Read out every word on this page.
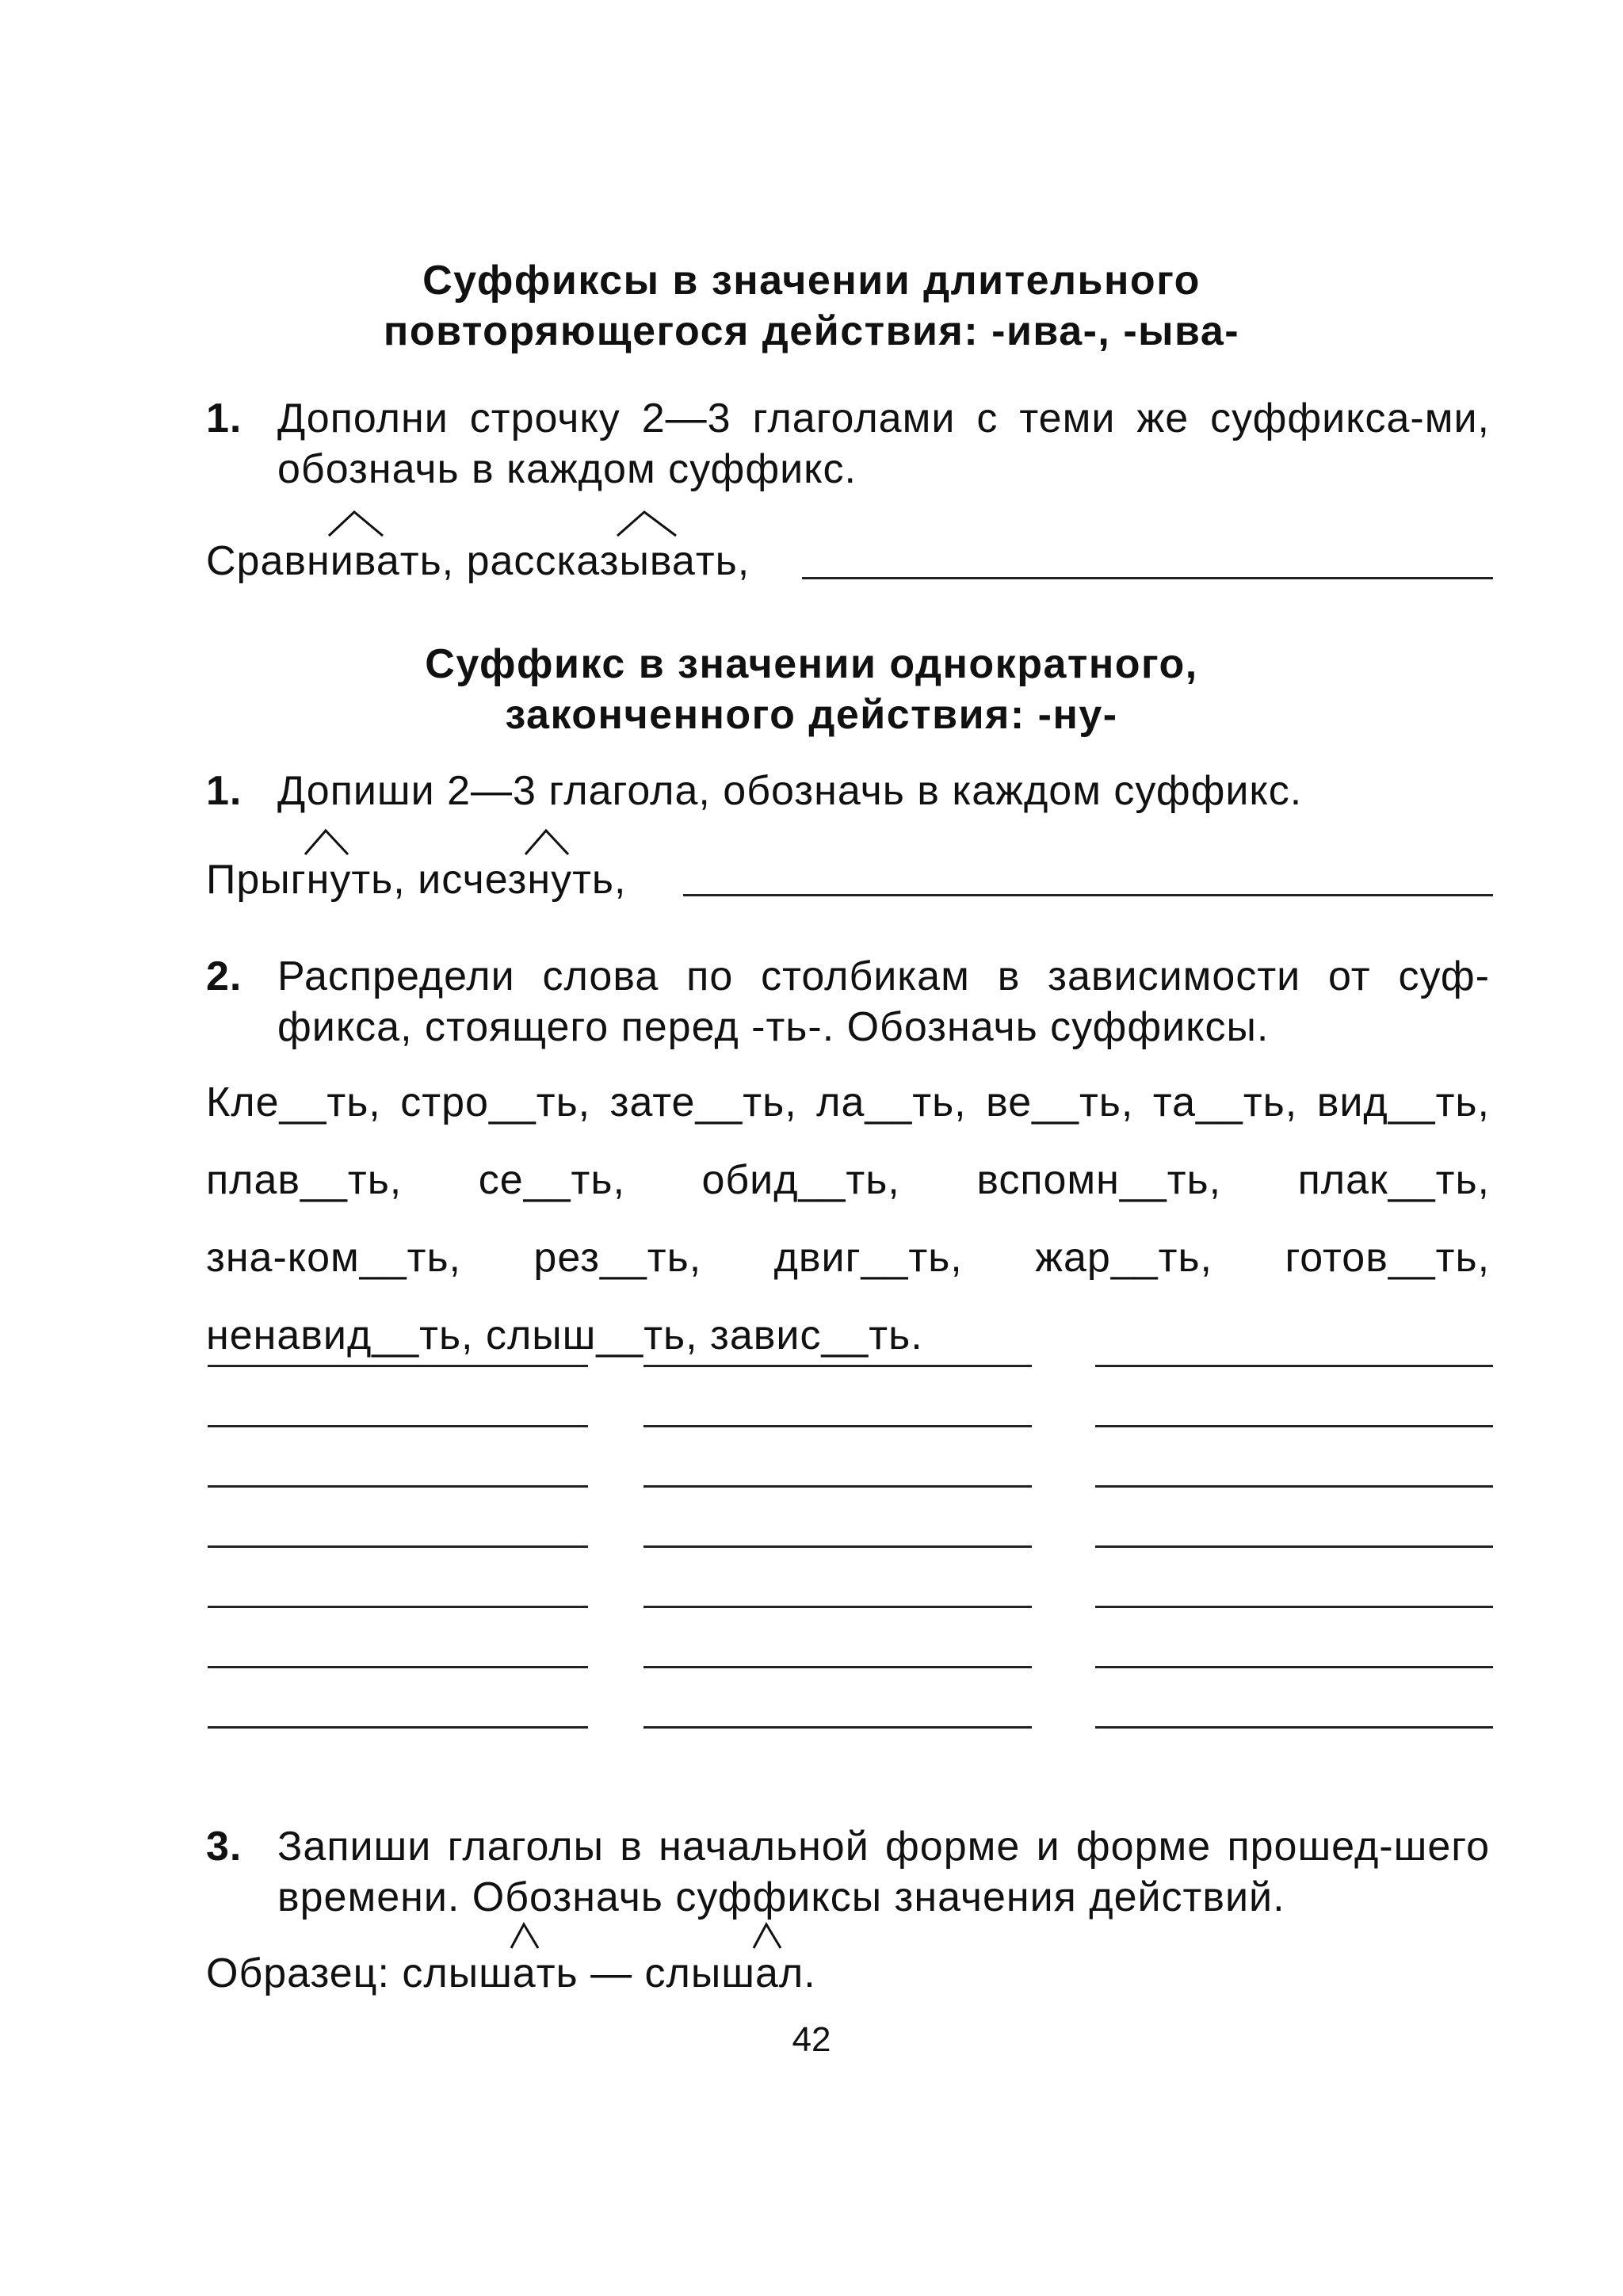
Суффиксы в значении длительного
повторяющегося действия: -ива-, -ыва-
1. Дополни строчку 2—3 глаголами с теми же суффикса-ми, обозначь в каждом суффикс.
Сравн
ивать, рассказ
ывать,
Суффикс в значении однократного,
законченного действия: -ну-
1. Допиши 2—3 глагола, обозначь в каждом суффикс.
Прыг
нуть, исчез
нуть,
2. Распредели слова по столбикам в зависимости от суф-фикса, стоящего перед -ть-. Обозначь суффиксы.
Кле__ть, стро__ть, зате__ть, ла__ть, ве__ть, та__ть, вид__ть, плав__ть, се__ть, обид__ть, вспомн__ть, плак__ть, зна-ком__ть, рез__ть, двиг__ть, жар__ть, готов__ть, ненавид__ть, слыш__ть, завис__ть.
3. Запиши глаголы в начальной форме и форме прошед-шего времени. Обозначь суффиксы значения действий.
Образец: слыш
ать — слыш
ал.
42
